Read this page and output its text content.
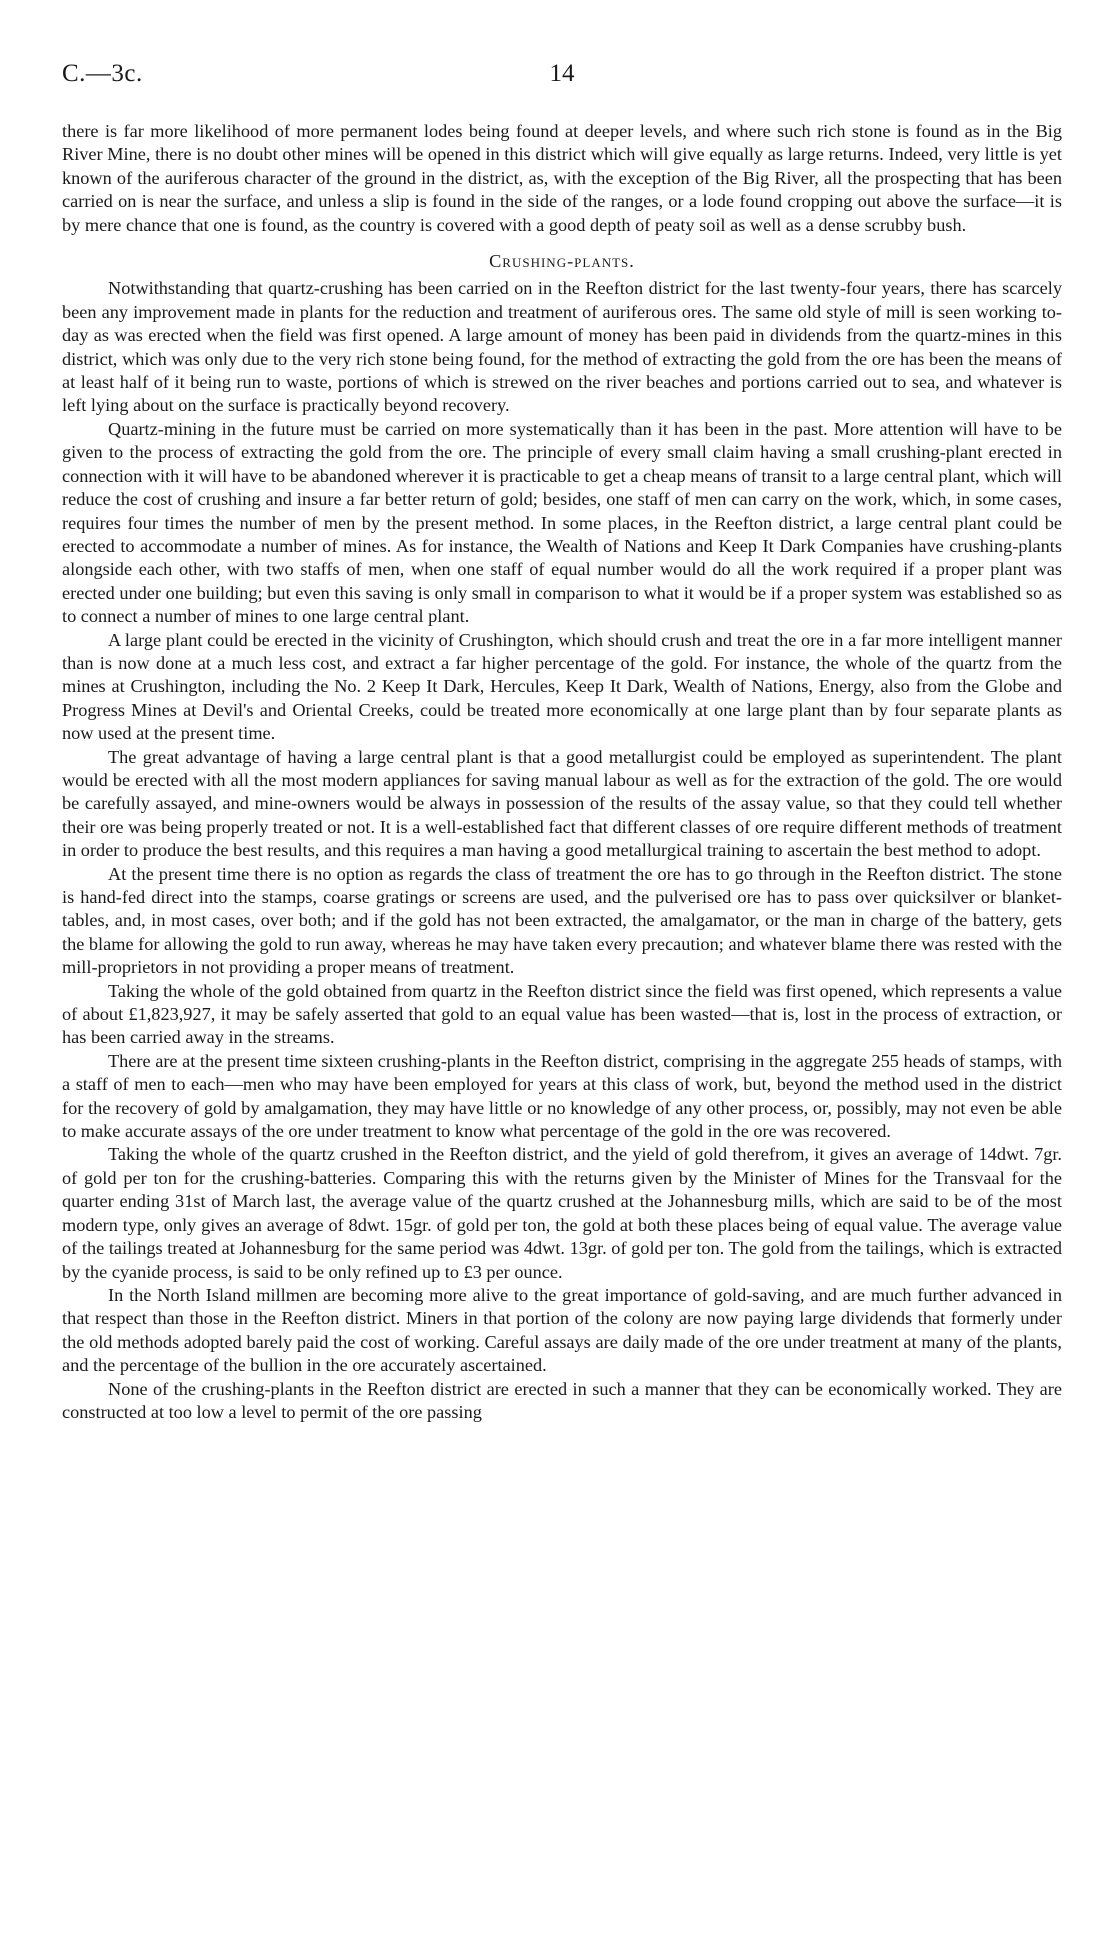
C.—3c.	14

there is far more likelihood of more permanent lodes being found at deeper levels, and where such rich stone is found as in the Big River Mine, there is no doubt other mines will be opened in this district which will give equally as large returns. Indeed, very little is yet known of the auriferous character of the ground in the district, as, with the exception of the Big River, all the prospecting that has been carried on is near the surface, and unless a slip is found in the side of the ranges, or a lode found cropping out above the surface—it is by mere chance that one is found, as the country is covered with a good depth of peaty soil as well as a dense scrubby bush.

Crushing-plants.

Notwithstanding that quartz-crushing has been carried on in the Reefton district for the last twenty-four years, there has scarcely been any improvement made in plants for the reduction and treatment of auriferous ores. The same old style of mill is seen working to-day as was erected when the field was first opened. A large amount of money has been paid in dividends from the quartz-mines in this district, which was only due to the very rich stone being found, for the method of extracting the gold from the ore has been the means of at least half of it being run to waste, portions of which is strewed on the river beaches and portions carried out to sea, and whatever is left lying about on the surface is practically beyond recovery.

Quartz-mining in the future must be carried on more systematically than it has been in the past. More attention will have to be given to the process of extracting the gold from the ore. The principle of every small claim having a small crushing-plant erected in connection with it will have to be abandoned wherever it is practicable to get a cheap means of transit to a large central plant, which will reduce the cost of crushing and insure a far better return of gold; besides, one staff of men can carry on the work, which, in some cases, requires four times the number of men by the present method. In some places, in the Reefton district, a large central plant could be erected to accommodate a number of mines. As for instance, the Wealth of Nations and Keep It Dark Companies have crushing-plants alongside each other, with two staffs of men, when one staff of equal number would do all the work required if a proper plant was erected under one building; but even this saving is only small in comparison to what it would be if a proper system was established so as to connect a number of mines to one large central plant.

A large plant could be erected in the vicinity of Crushington, which should crush and treat the ore in a far more intelligent manner than is now done at a much less cost, and extract a far higher percentage of the gold. For instance, the whole of the quartz from the mines at Crushington, including the No. 2 Keep It Dark, Hercules, Keep It Dark, Wealth of Nations, Energy, also from the Globe and Progress Mines at Devil's and Oriental Creeks, could be treated more economically at one large plant than by four separate plants as now used at the present time.

The great advantage of having a large central plant is that a good metallurgist could be employed as superintendent. The plant would be erected with all the most modern appliances for saving manual labour as well as for the extraction of the gold. The ore would be carefully assayed, and mine-owners would be always in possession of the results of the assay value, so that they could tell whether their ore was being properly treated or not. It is a well-established fact that different classes of ore require different methods of treatment in order to produce the best results, and this requires a man having a good metallurgical training to ascertain the best method to adopt.

At the present time there is no option as regards the class of treatment the ore has to go through in the Reefton district. The stone is hand-fed direct into the stamps, coarse gratings or screens are used, and the pulverised ore has to pass over quicksilver or blanket-tables, and, in most cases, over both; and if the gold has not been extracted, the amalgamator, or the man in charge of the battery, gets the blame for allowing the gold to run away, whereas he may have taken every precaution; and whatever blame there was rested with the mill-proprietors in not providing a proper means of treatment.

Taking the whole of the gold obtained from quartz in the Reefton district since the field was first opened, which represents a value of about £1,823,927, it may be safely asserted that gold to an equal value has been wasted—that is, lost in the process of extraction, or has been carried away in the streams.

There are at the present time sixteen crushing-plants in the Reefton district, comprising in the aggregate 255 heads of stamps, with a staff of men to each—men who may have been employed for years at this class of work, but, beyond the method used in the district for the recovery of gold by amalgamation, they may have little or no knowledge of any other process, or, possibly, may not even be able to make accurate assays of the ore under treatment to know what percentage of the gold in the ore was recovered.

Taking the whole of the quartz crushed in the Reefton district, and the yield of gold therefrom, it gives an average of 14dwt. 7gr. of gold per ton for the crushing-batteries. Comparing this with the returns given by the Minister of Mines for the Transvaal for the quarter ending 31st of March last, the average value of the quartz crushed at the Johannesburg mills, which are said to be of the most modern type, only gives an average of 8dwt. 15gr. of gold per ton, the gold at both these places being of equal value. The average value of the tailings treated at Johannesburg for the same period was 4dwt. 13gr. of gold per ton. The gold from the tailings, which is extracted by the cyanide process, is said to be only refined up to £3 per ounce.

In the North Island millmen are becoming more alive to the great importance of gold-saving, and are much further advanced in that respect than those in the Reefton district. Miners in that portion of the colony are now paying large dividends that formerly under the old methods adopted barely paid the cost of working. Careful assays are daily made of the ore under treatment at many of the plants, and the percentage of the bullion in the ore accurately ascertained.

None of the crushing-plants in the Reefton district are erected in such a manner that they can be economically worked. They are constructed at too low a level to permit of the ore passing
